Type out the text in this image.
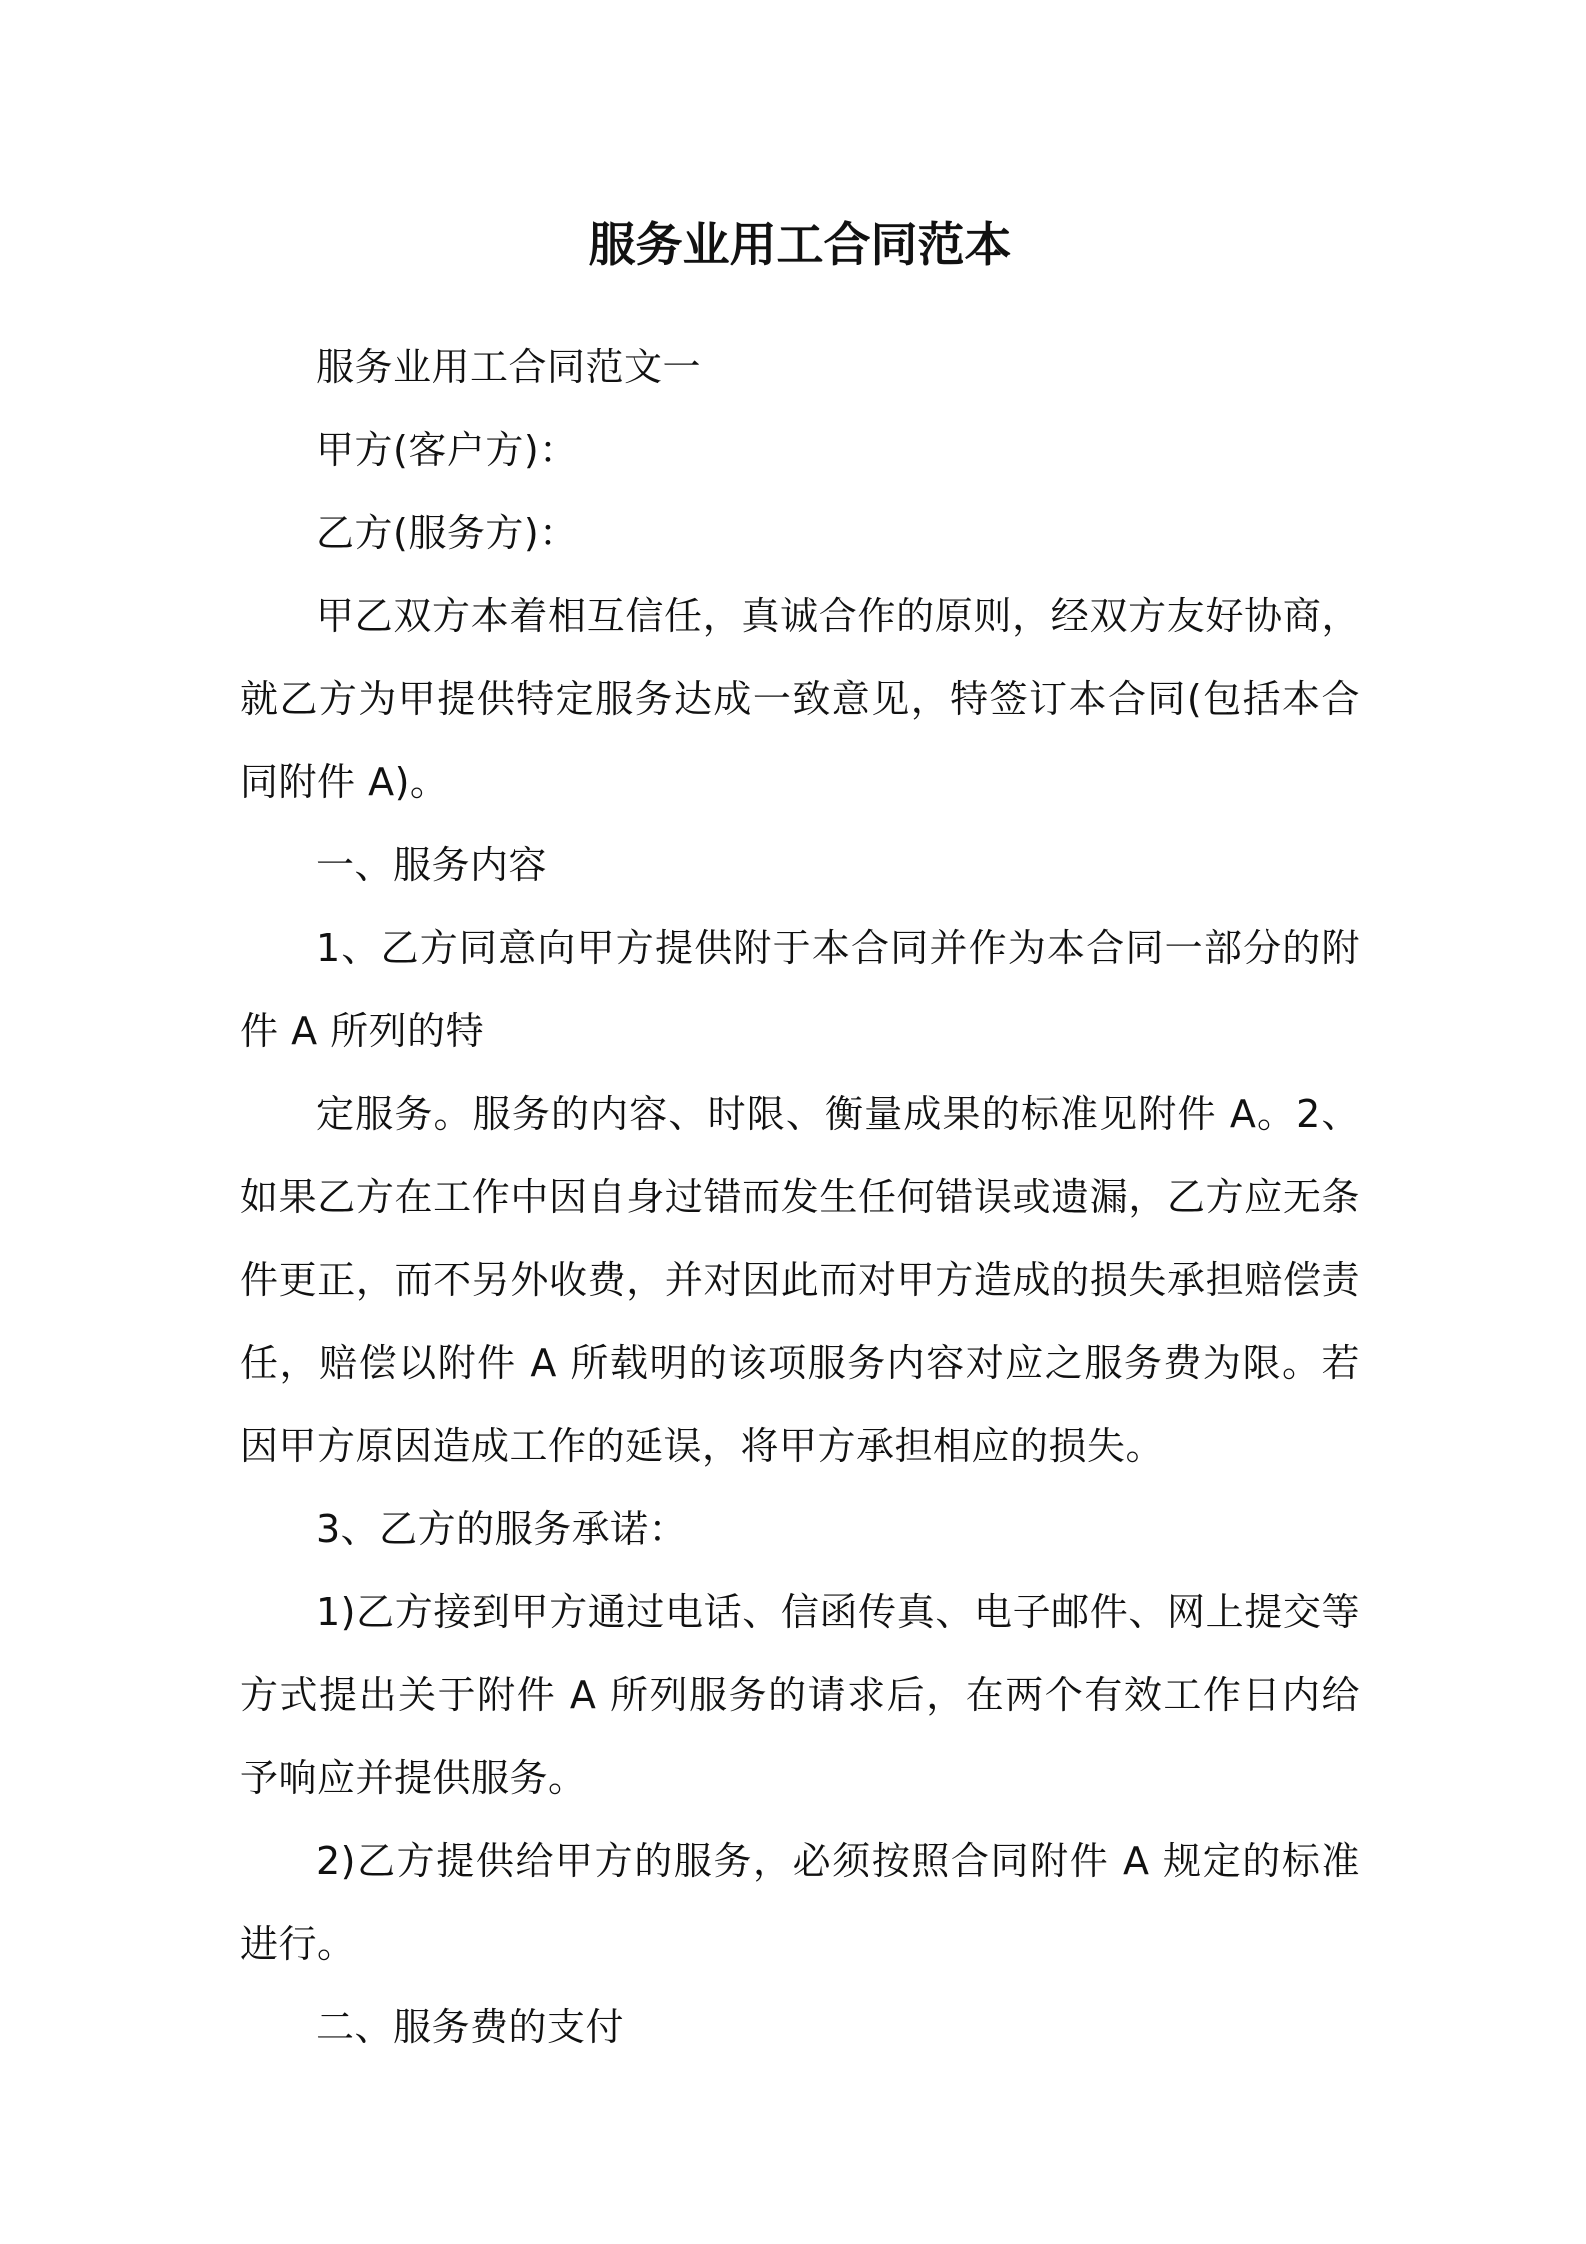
服务业用工合同范本

服务业用工合同范文一

甲方(客户方)：

乙方(服务方)：

甲乙双方本着相互信任，真诚合作的原则，经双方友好协商，就乙方为甲提供特定服务达成一致意见，特签订本合同(包括本合同附件 A)。

一、服务内容

1、乙方同意向甲方提供附于本合同并作为本合同一部分的附件 A 所列的特

定服务。服务的内容、时限、衡量成果的标准见附件 A。2、如果乙方在工作中因自身过错而发生任何错误或遗漏，乙方应无条件更正，而不另外收费，并对因此而对甲方造成的损失承担赔偿责任，赔偿以附件 A 所载明的该项服务内容对应之服务费为限。若因甲方原因造成工作的延误，将甲方承担相应的损失。

3、乙方的服务承诺：

1)乙方接到甲方通过电话、信函传真、电子邮件、网上提交等方式提出关于附件 A 所列服务的请求后，在两个有效工作日内给予响应并提供服务。

2)乙方提供给甲方的服务，必须按照合同附件 A 规定的标准进行。

二、服务费的支付
